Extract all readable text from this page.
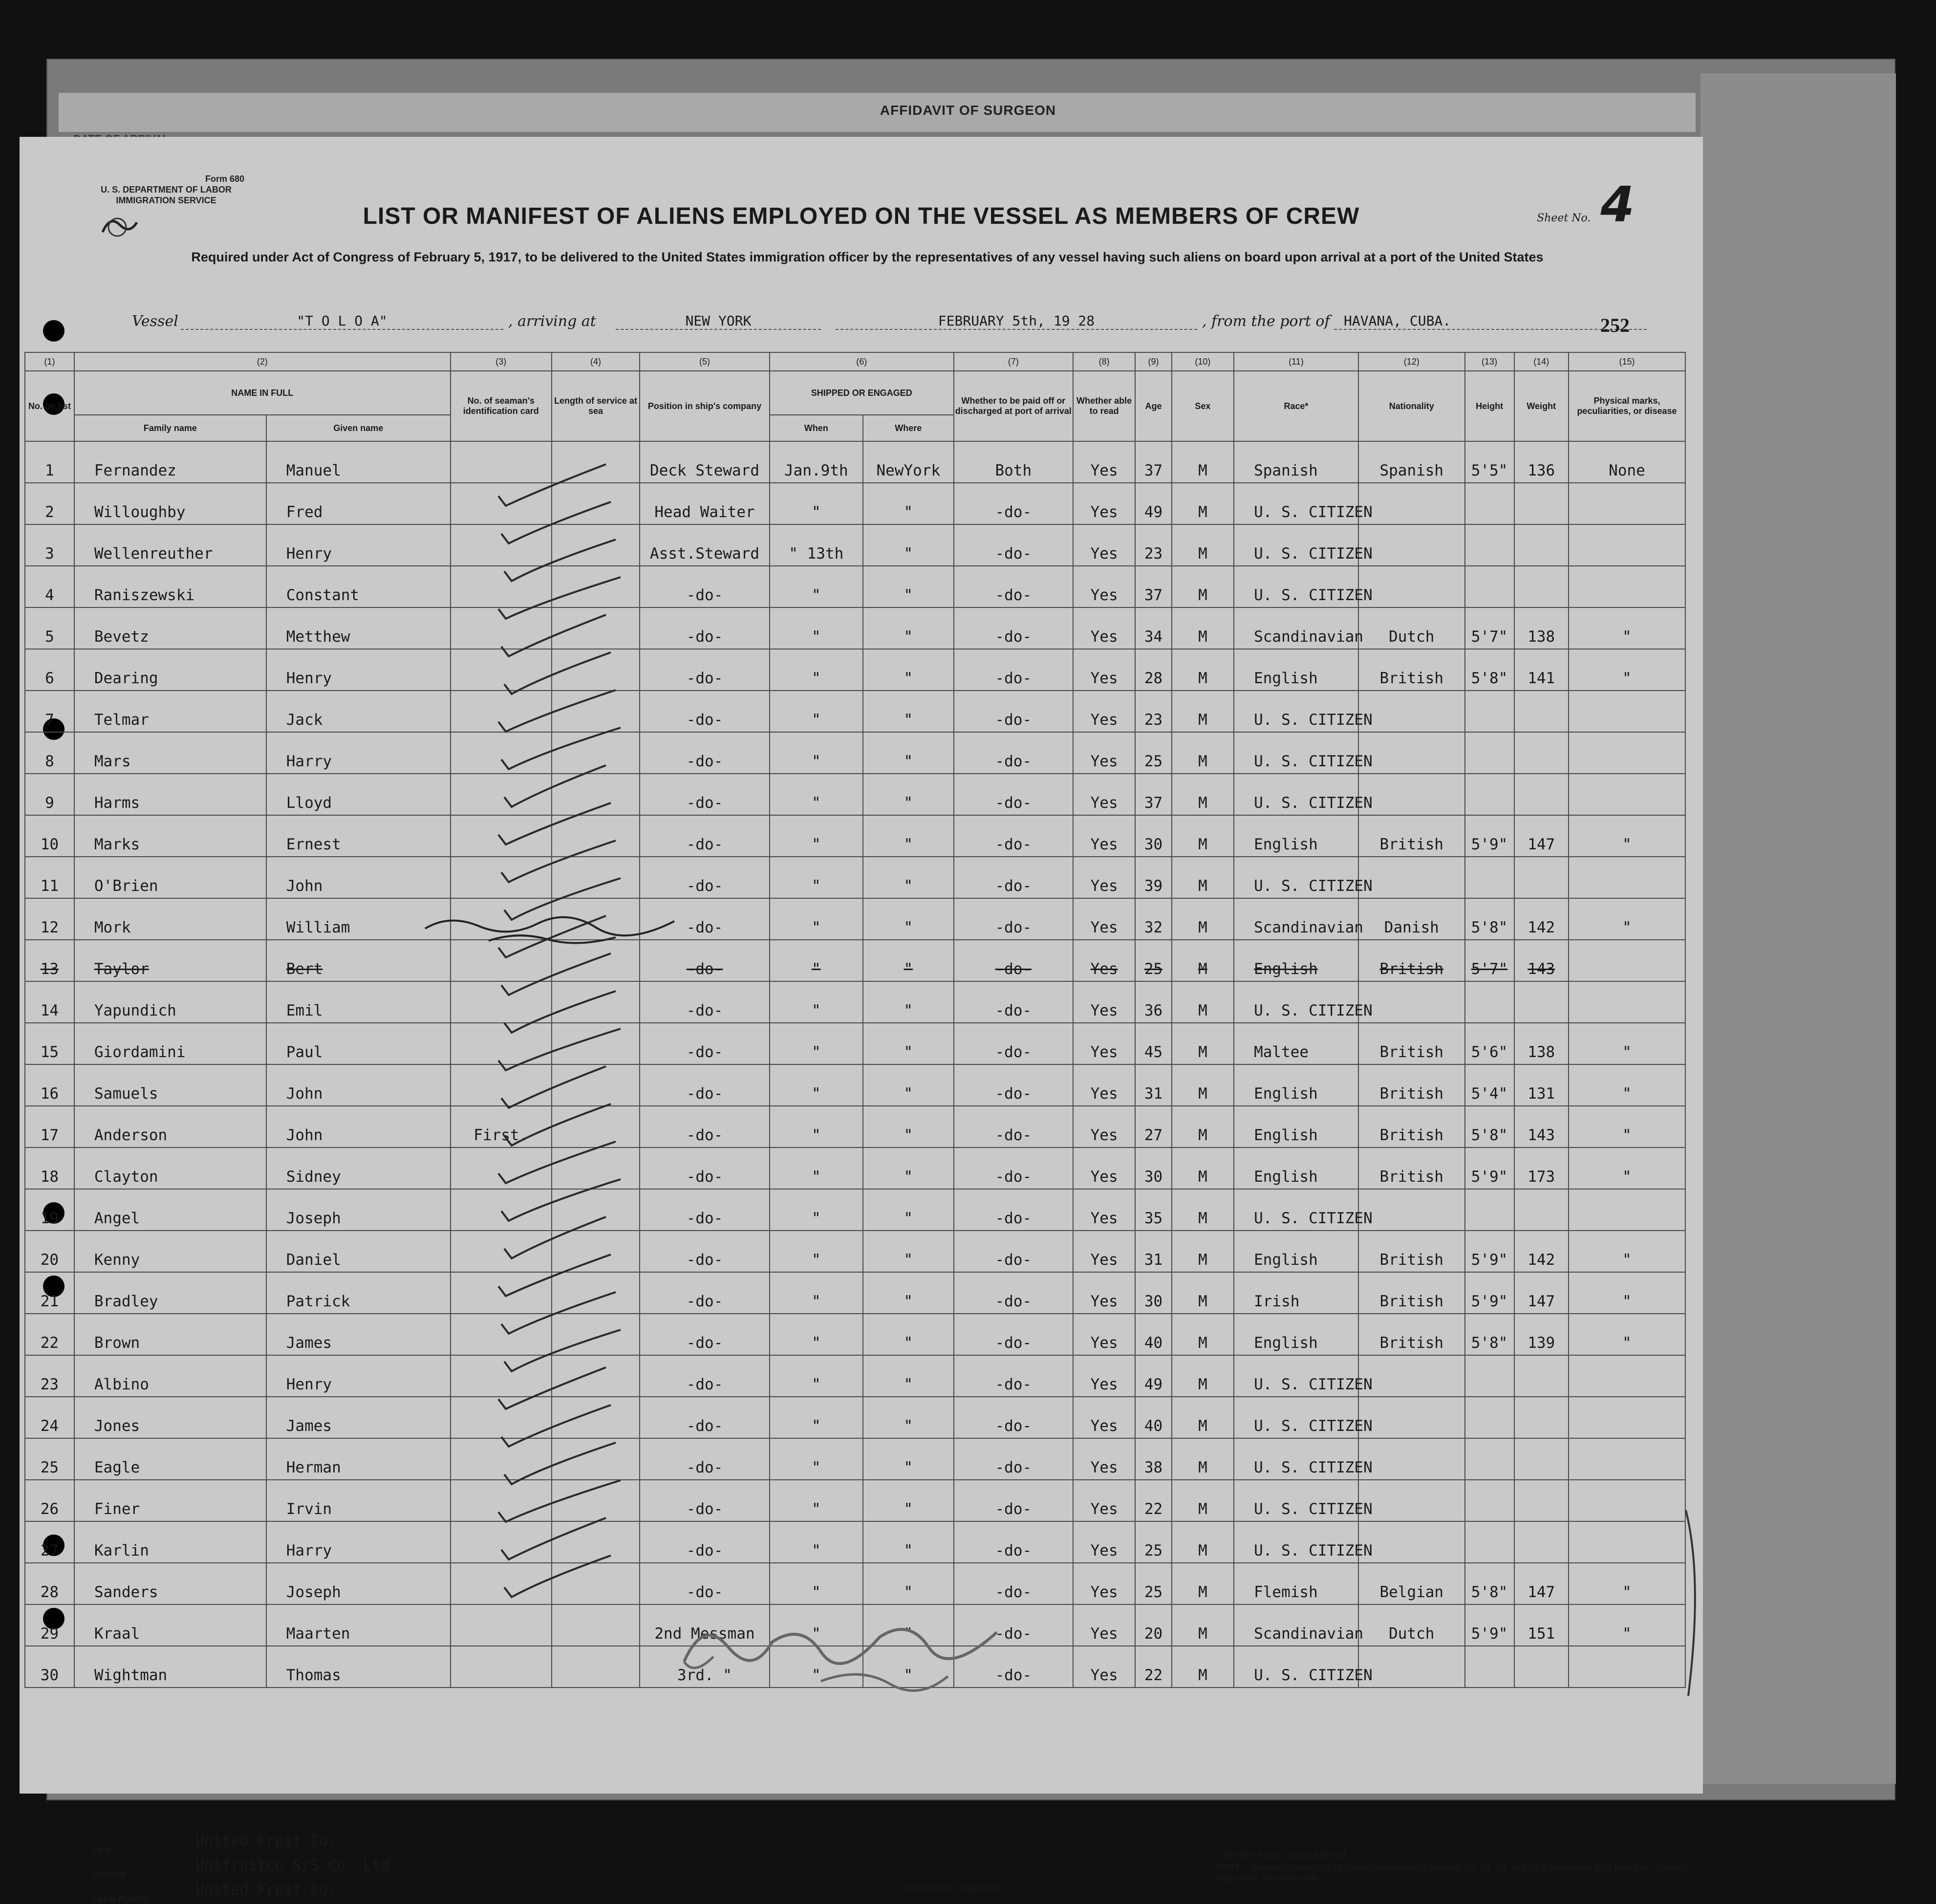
AFFIDAVIT OF SURGEON
Form 680
U. S. DEPARTMENT OF LABOR
IMMIGRATION SERVICE
Sheet No. 4
LIST OR MANIFEST OF ALIENS EMPLOYED ON THE VESSEL AS MEMBERS OF CREW
Required under Act of Congress of February 5, 1917, to be delivered to the United States immigration officer by the representatives of any vessel having such aliens on board upon arrival at a port of the United States
Vessel	"T O L O A"	, arriving at	NEW YORK	FEBRUARY 5th, 19 28	, from the port of	HAVANA, CUBA.	252
(1)	(2)		(3)	(4)	(5)	(6)		(7)	(8)	(9)	(10)	(11)	(12)	(13)	(14)	(15)
No. on list	NAME IN FULL		No. of seaman's identification card	Length of service at sea	Position in ship's company	SHIPPED OR ENGAGED		Whether to be paid off or discharged at port of arrival	Whether able to read	Age	Sex	Race*	Nationality	Height	Weight	Physical marks, peculiarities, or disease
	Family name	Given name				When	Where									
1	Fernandez	Manuel			Deck Steward	Jan.9th	NewYork	Both	Yes	37	M	Spanish	Spanish	5'5"	136	None
2	Willoughby	Fred			Head Waiter	"	"	-do-	Yes	49	M	U. S. CITIZEN				
3	Wellenreuther	Henry			Asst.Steward	" 13th	"	-do-	Yes	23	M	U. S. CITIZEN				
4	Raniszewski	Constant			-do-	"	"	-do-	Yes	37	M	U. S. CITIZEN				
5	Bevetz	Metthew			-do-	"	"	-do-	Yes	34	M	Scandinavian	Dutch	5'7"	138	"
6	Dearing	Henry			-do-	"	"	-do-	Yes	28	M	English	British	5'8"	141	"
7	Telmar	Jack			-do-	"	"	-do-	Yes	23	M	U. S. CITIZEN				
8	Mars	Harry			-do-	"	"	-do-	Yes	25	M	U. S. CITIZEN				
9	Harms	Lloyd			-do-	"	"	-do-	Yes	37	M	U. S. CITIZEN				
10	Marks	Ernest			-do-	"	"	-do-	Yes	30	M	English	British	5'9"	147	"
11	O'Brien	John			-do-	"	"	-do-	Yes	39	M	U. S. CITIZEN				
12	Mork	William			-do-	"	"	-do-	Yes	32	M	Scandinavian	Danish	5'8"	142	"
13	Taylor	Bert			-do-	"	"	-do-	Yes	25	M	English	British	5'7"	143	
14	Yapundich	Emil			-do-	"	"	-do-	Yes	36	M	U. S. CITIZEN				
15	Giordamini	Paul			-do-	"	"	-do-	Yes	45	M	Maltee	British	5'6"	138	"
16	Samuels	John			-do-	"	"	-do-	Yes	31	M	English	British	5'4"	131	"
17	Anderson	John	First.		-do-	"	"	-do-	Yes	27	M	English	British	5'8"	143	"
18	Clayton	Sidney			-do-	"	"	-do-	Yes	30	M	English	British	5'9"	173	"
19	Angel	Joseph			-do-	"	"	-do-	Yes	35	M	U. S. CITIZEN				
20	Kenny	Daniel			-do-	"	"	-do-	Yes	31	M	English	British	5'9"	142	"
21	Bradley	Patrick			-do-	"	"	-do-	Yes	30	M	Irish	British	5'9"	147	"
22	Brown	James			-do-	"	"	-do-	Yes	40	M	English	British	5'8"	139	"
23	Albino	Henry			-do-	"	"	-do-	Yes	49	M	U. S. CITIZEN				
24	Jones	James			-do-	"	"	-do-	Yes	40	M	U. S. CITIZEN				
25	Eagle	Herman			-do-	"	"	-do-	Yes	38	M	U. S. CITIZEN				
26	Finer	Irvin			-do-	"	"	-do-	Yes	22	M	U. S. CITIZEN				
27	Karlin	Harry			-do-	"	"	-do-	Yes	25	M	U. S. CITIZEN				
28	Sanders	Joseph			-do-	"	"	-do-	Yes	25	M	Flemish	Belgian	5'8"	147	"
29	Kraal	Maarten			2nd Messman	"	"	-do-	Yes	20	M	Scandinavian	Dutch	5'9"	151	"
30	Wightman	Thomas			3rd. "	"	"	-do-	Yes	22	M	U. S. CITIZEN				
Line	United Fruit Co.
Owners	Unifruitco S/S Co. Ltd.
Local Agents	United Fruit Co.	Immigrant Inspector.
* See list of races on back hereof.
NOTE.—Failure to furnish full or correct information in columns (2), (5), (6), and (7) is punishable by a fine of ten dollars for each alien. See other side.
